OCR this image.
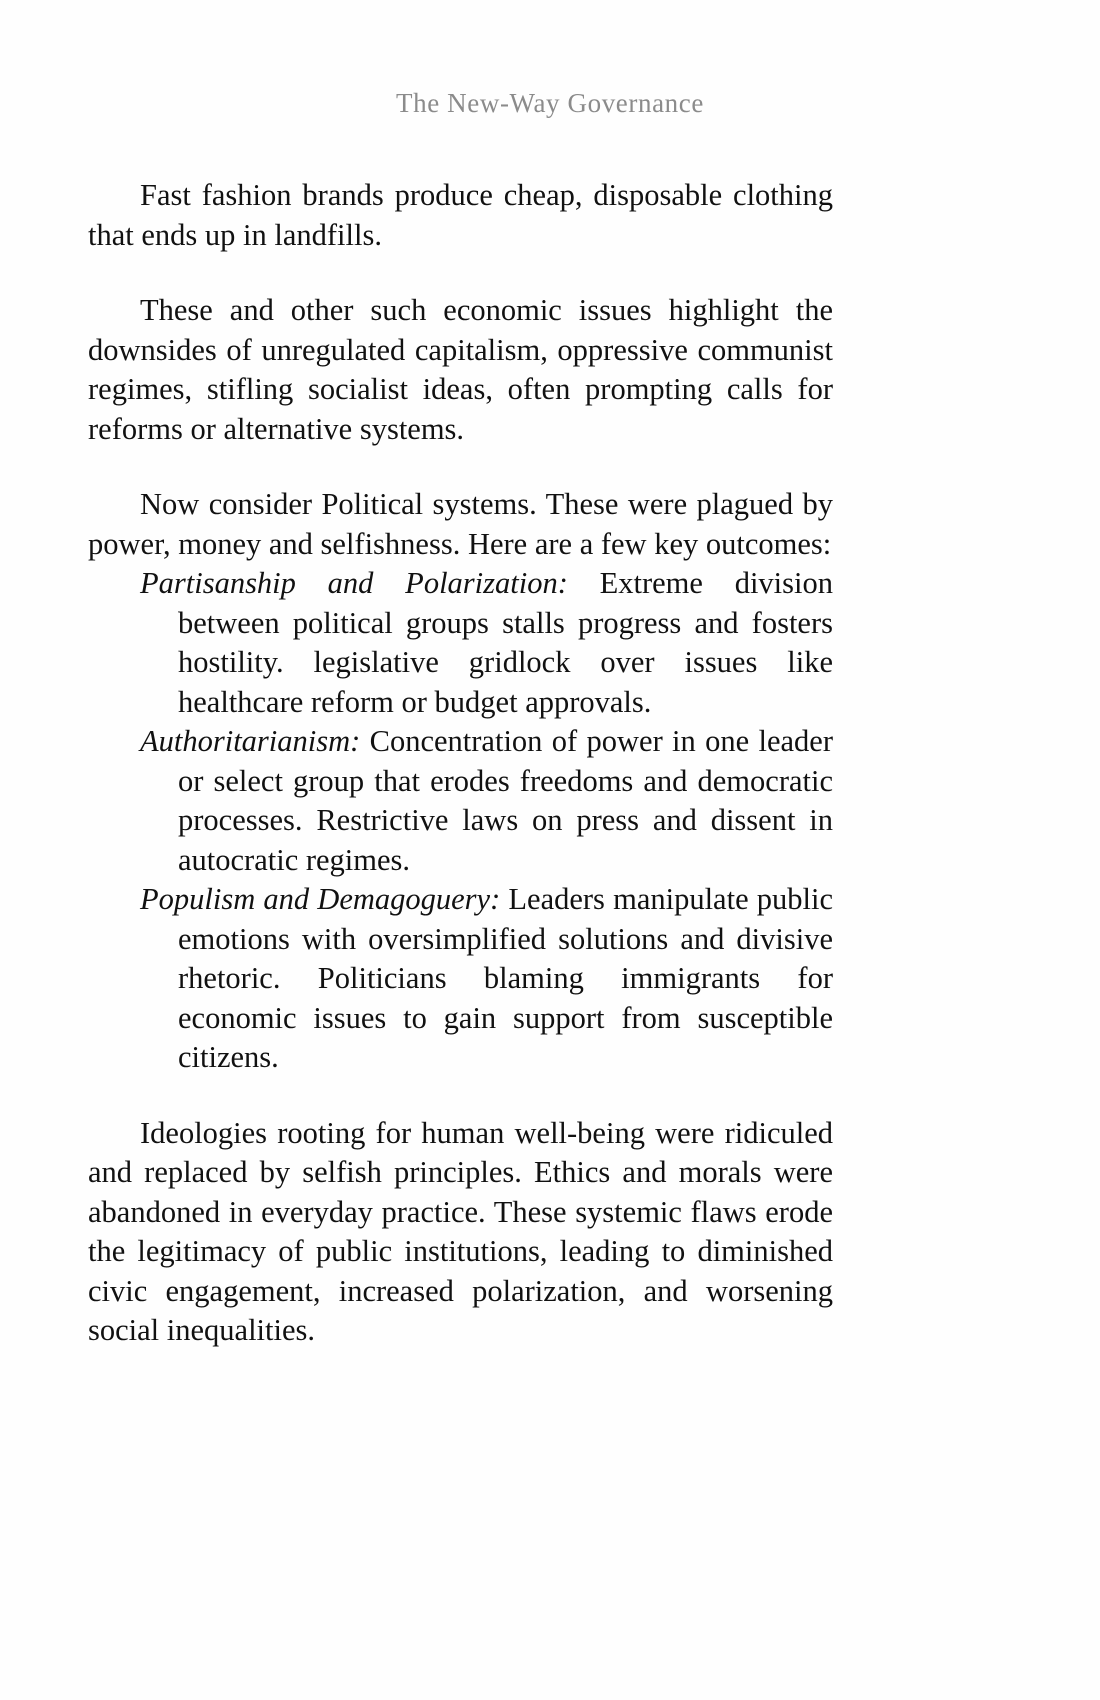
The New-Way Governance

Fast fashion brands produce cheap, disposable clothing that ends up in landfills.

These and other such economic issues highlight the downsides of unregulated capitalism, oppressive communist regimes, stifling socialist ideas, often prompting calls for reforms or alternative systems.

Now consider Political systems. These were plagued by power, money and selfishness. Here are a few key outcomes:

Partisanship and Polarization: Extreme division between political groups stalls progress and fosters hostility. legislative gridlock over issues like healthcare reform or budget approvals.
Authoritarianism: Concentration of power in one leader or select group that erodes freedoms and democratic processes. Restrictive laws on press and dissent in autocratic regimes.
Populism and Demagoguery: Leaders manipulate public emotions with oversimplified solutions and divisive rhetoric. Politicians blaming immigrants for economic issues to gain support from susceptible citizens.

Ideologies rooting for human well-being were ridiculed and replaced by selfish principles. Ethics and morals were abandoned in everyday practice. These systemic flaws erode the legitimacy of public institutions, leading to diminished civic engagement, increased polarization, and worsening social inequalities.
